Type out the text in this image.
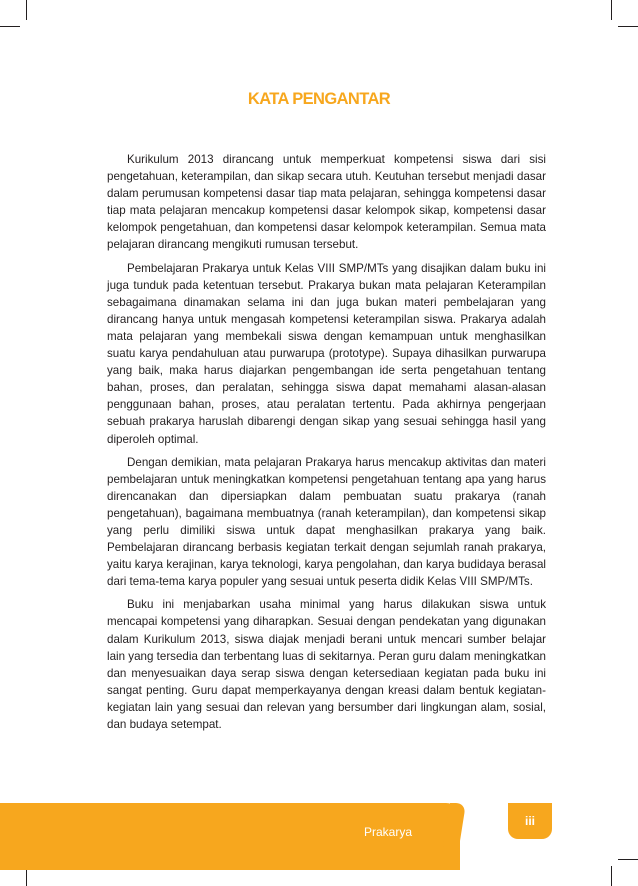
KATA PENGANTAR

Kurikulum 2013 dirancang untuk memperkuat kompetensi siswa dari sisi pengetahuan, keterampilan, dan sikap secara utuh. Keutuhan tersebut menjadi dasar dalam perumusan kompetensi dasar tiap mata pelajaran, sehingga kompetensi dasar tiap mata pelajaran mencakup kompetensi dasar kelompok sikap, kompetensi dasar kelompok pengetahuan, dan kompetensi dasar kelompok keterampilan. Semua mata pelajaran dirancang mengikuti rumusan tersebut.

Pembelajaran Prakarya untuk Kelas VIII SMP/MTs yang disajikan dalam buku ini juga tunduk pada ketentuan tersebut. Prakarya bukan mata pelajaran Keterampilan sebagaimana dinamakan selama ini dan juga bukan materi pembelajaran yang dirancang hanya untuk mengasah kompetensi keterampilan siswa. Prakarya adalah mata pelajaran yang membekali siswa dengan kemampuan untuk menghasilkan suatu karya pendahuluan atau purwarupa (prototype). Supaya dihasilkan purwarupa yang baik, maka harus diajarkan pengembangan ide serta pengetahuan tentang bahan, proses, dan peralatan, sehingga siswa dapat memahami alasan-alasan penggunaan bahan, proses, atau peralatan tertentu. Pada akhirnya pengerjaan sebuah prakarya haruslah dibarengi dengan sikap yang sesuai sehingga hasil yang diperoleh optimal.

Dengan demikian, mata pelajaran Prakarya harus mencakup aktivitas dan materi pembelajaran untuk meningkatkan kompetensi pengetahuan tentang apa yang harus direncanakan dan dipersiapkan dalam pembuatan suatu prakarya (ranah pengetahuan), bagaimana membuatnya (ranah keterampilan), dan kompetensi sikap yang perlu dimiliki siswa untuk dapat menghasilkan prakarya yang baik. Pembelajaran dirancang berbasis kegiatan terkait dengan sejumlah ranah prakarya, yaitu karya kerajinan, karya teknologi, karya pengolahan, dan karya budidaya berasal dari tema-tema karya populer yang sesuai untuk peserta didik Kelas VIII SMP/MTs.

Buku ini menjabarkan usaha minimal yang harus dilakukan siswa untuk mencapai kompetensi yang diharapkan. Sesuai dengan pendekatan yang digunakan dalam Kurikulum 2013, siswa diajak menjadi berani untuk mencari sumber belajar lain yang tersedia dan terbentang luas di sekitarnya. Peran guru dalam meningkatkan dan menyesuaikan daya serap siswa dengan ketersediaan kegiatan pada buku ini sangat penting. Guru dapat memperkayanya dengan kreasi dalam bentuk kegiatan-kegiatan lain yang sesuai dan relevan yang bersumber dari lingkungan alam, sosial, dan budaya setempat.

Prakarya
iii
